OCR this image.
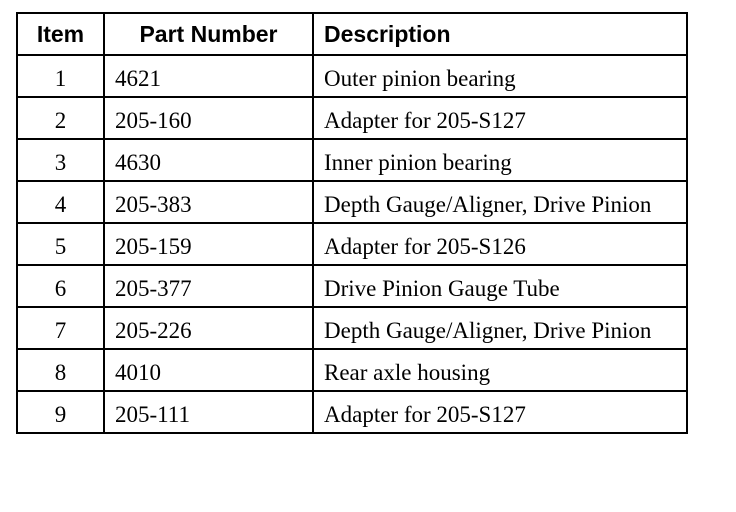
Item	Part Number	Description
1	4621	Outer pinion bearing
2	205-160	Adapter for 205-S127
3	4630	Inner pinion bearing
4	205-383	Depth Gauge/Aligner, Drive Pinion
5	205-159	Adapter for 205-S126
6	205-377	Drive Pinion Gauge Tube
7	205-226	Depth Gauge/Aligner, Drive Pinion
8	4010	Rear axle housing
9	205-111	Adapter for 205-S127
